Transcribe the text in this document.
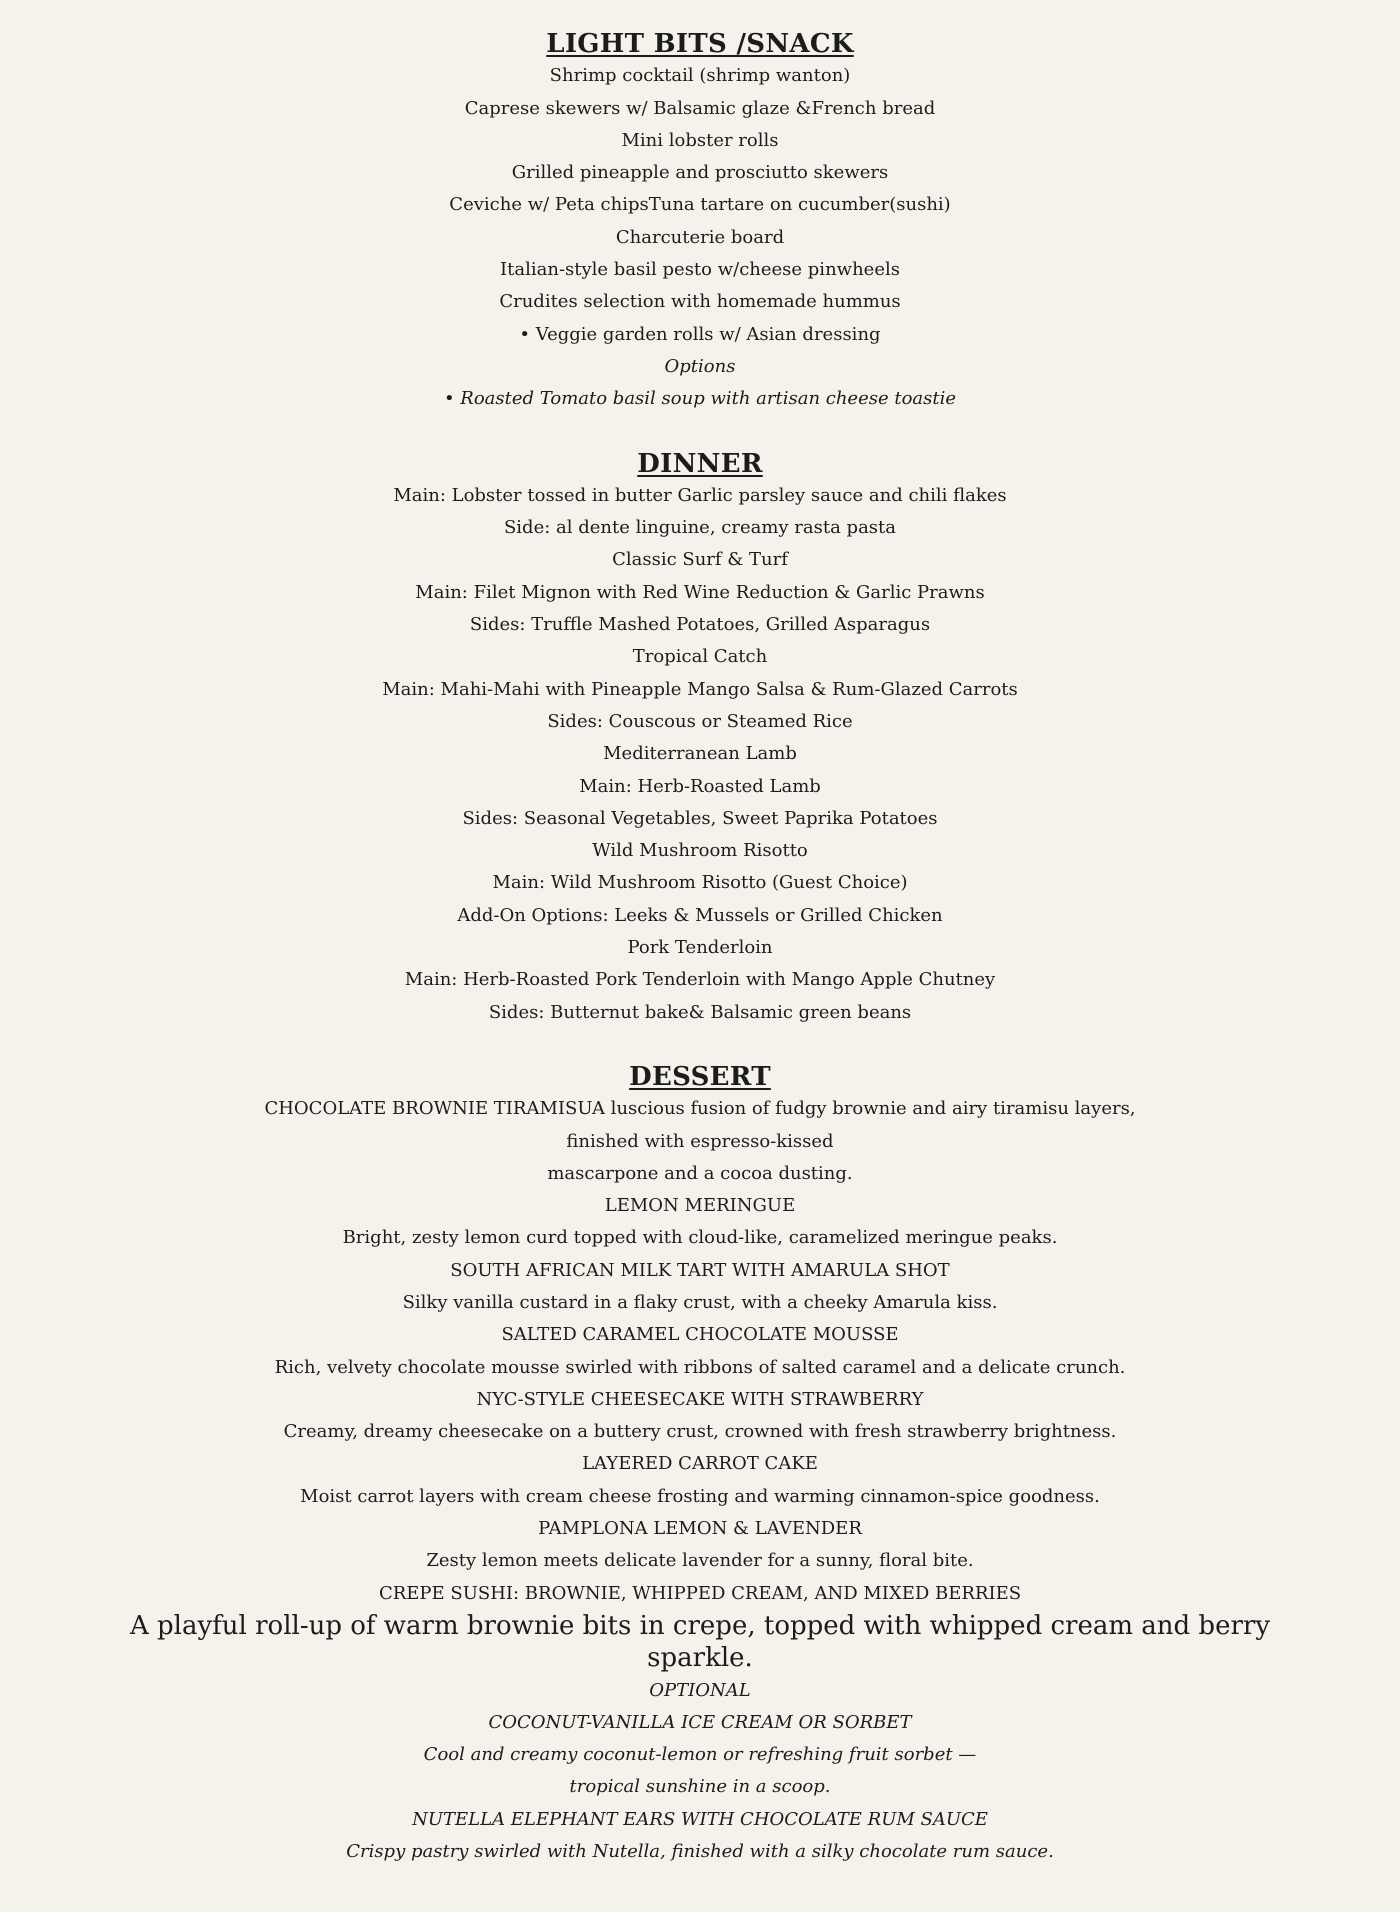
LIGHT BITS /SNACK
Shrimp cocktail (shrimp wanton)
Caprese skewers w/ Balsamic glaze &French bread
Mini lobster rolls
Grilled pineapple and prosciutto skewers
Ceviche w/ Peta chipsTuna tartare on cucumber(sushi)
Charcuterie board
Italian-style basil pesto w/cheese pinwheels
Crudites selection with homemade hummus
• Veggie garden rolls w/ Asian dressing
Options
• Roasted Tomato basil soup with artisan cheese toastie
DINNER
Main: Lobster tossed in butter Garlic parsley sauce and chili flakes
Side: al dente linguine, creamy rasta pasta
Classic Surf & Turf
Main: Filet Mignon with Red Wine Reduction & Garlic Prawns
Sides: Truffle Mashed Potatoes, Grilled Asparagus
Tropical Catch
Main: Mahi-Mahi with Pineapple Mango Salsa & Rum-Glazed Carrots
Sides: Couscous or Steamed Rice
Mediterranean Lamb
Main: Herb-Roasted Lamb
Sides: Seasonal Vegetables, Sweet Paprika Potatoes
Wild Mushroom Risotto
Main: Wild Mushroom Risotto (Guest Choice)
Add-On Options: Leeks & Mussels or Grilled Chicken
Pork Tenderloin
Main: Herb-Roasted Pork Tenderloin with Mango Apple Chutney
Sides: Butternut bake& Balsamic green beans
DESSERT
CHOCOLATE BROWNIE TIRAMISUA luscious fusion of fudgy brownie and airy tiramisu layers,
finished with espresso-kissed
mascarpone and a cocoa dusting.
LEMON MERINGUE
Bright, zesty lemon curd topped with cloud-like, caramelized meringue peaks.
SOUTH AFRICAN MILK TART WITH AMARULA SHOT
Silky vanilla custard in a flaky crust, with a cheeky Amarula kiss.
SALTED CARAMEL CHOCOLATE MOUSSE
Rich, velvety chocolate mousse swirled with ribbons of salted caramel and a delicate crunch.
NYC-STYLE CHEESECAKE WITH STRAWBERRY
Creamy, dreamy cheesecake on a buttery crust, crowned with fresh strawberry brightness.
LAYERED CARROT CAKE
Moist carrot layers with cream cheese frosting and warming cinnamon-spice goodness.
PAMPLONA LEMON & LAVENDER
Zesty lemon meets delicate lavender for a sunny, floral bite.
CREPE SUSHI: BROWNIE, WHIPPED CREAM, AND MIXED BERRIES
A playful roll-up of warm brownie bits in crepe, topped with whipped cream and berry sparkle.
OPTIONAL
COCONUT-VANILLA ICE CREAM OR SORBET
Cool and creamy coconut-lemon or refreshing fruit sorbet —
tropical sunshine in a scoop.
NUTELLA ELEPHANT EARS WITH CHOCOLATE RUM SAUCE
Crispy pastry swirled with Nutella, finished with a silky chocolate rum sauce.
